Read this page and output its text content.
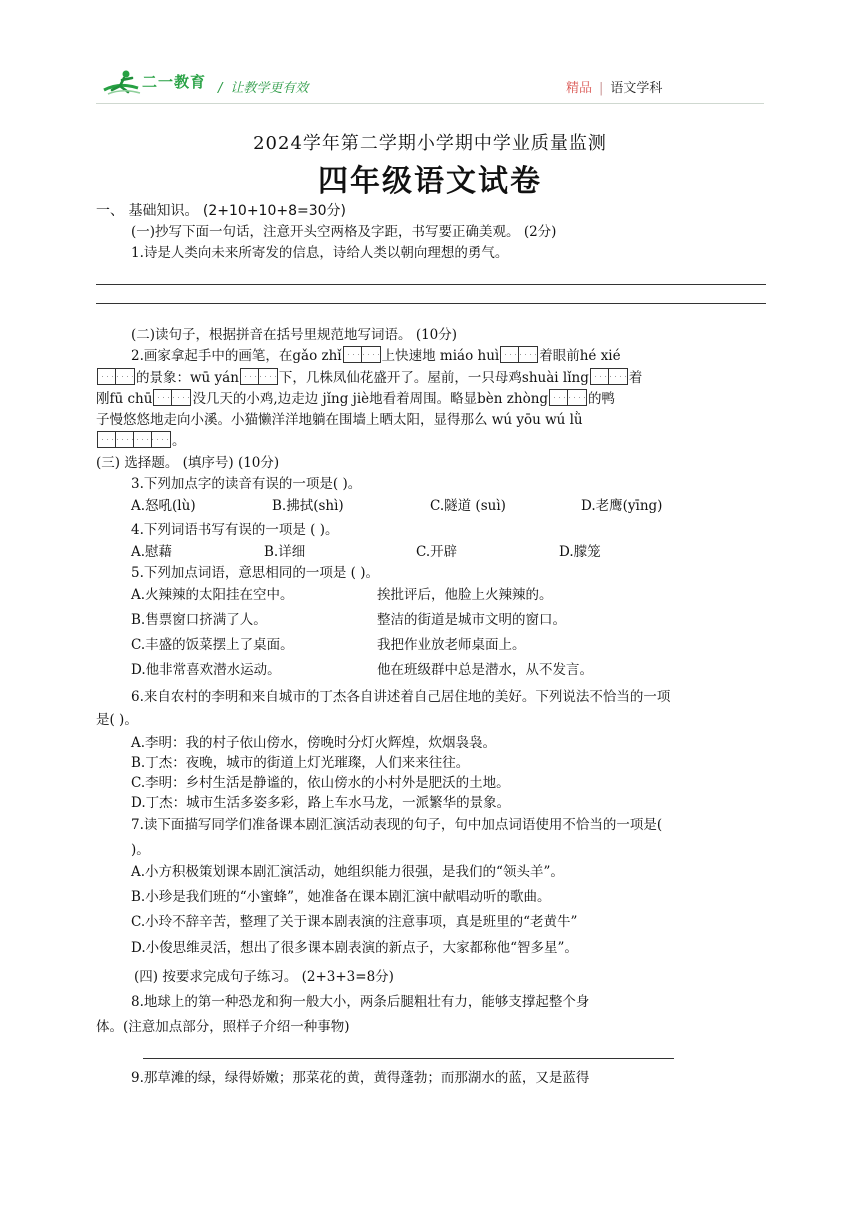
二一教育 / 让教学更有效	精品 | 语文学科
2024学年第二学期小学期中学业质量监测
四年级语文试卷
一、 基础知识。 (2+10+10+8=30分)
(一)抄写下面一句话，注意开头空两格及字距，书写要正确美观。 (2分)
1.诗是人类向未来所寄发的信息，诗给人类以朝向理想的勇气。
(二)读句子，根据拼音在括号里规范地写词语。 (10分)
2.画家拿起手中的画笔，在gǎo zhǐ	上快速地 miáo huì	着眼前hé xié
的景象：wū yán	下，几株凤仙花盛开了。屋前，一只母鸡shuài lǐng	着
刚fū chū	没几天的小鸡,边走边 jǐng jiè地看着周围。略显bèn zhòng	的鸭
子慢悠悠地走向小溪。小猫懒洋洋地躺在围墙上晒太阳，显得那么 wú yōu wú lǜ
。
(三) 选择题。 (填序号) (10分)
3.下列加点字的读音有误的一项是( )。
A.怒吼(lù)	B.拂拭(shì)	C.隧道 (suì)	D.老鹰(yīng)
4.下列词语书写有误的一项是 ( )。
A.慰藉	B.详细	C.开辟	D.朦笼
5.下列加点词语，意思相同的一项是 ( )。
A.火辣辣的太阳挂在空中。	挨批评后，他脸上火辣辣的。
B.售票窗口挤满了人。	整洁的街道是城市文明的窗口。
C.丰盛的饭菜摆上了桌面。	我把作业放老师桌面上。
D.他非常喜欢潜水运动。	他在班级群中总是潜水，从不发言。
6.来自农村的李明和来自城市的丁杰各自讲述着自己居住地的美好。下列说法不恰当的一项
是( )。
A.李明：我的村子依山傍水，傍晚时分灯火辉煌，炊烟袅袅。
B.丁杰：夜晚，城市的街道上灯光璀璨，人们来来往往。
C.李明：乡村生活是静谧的，依山傍水的小村外是肥沃的土地。
D.丁杰：城市生活多姿多彩，路上车水马龙，一派繁华的景象。
7.读下面描写同学们准备课本剧汇演活动表现的句子，句中加点词语使用不恰当的一项是(
)。
A.小方积极策划课本剧汇演活动，她组织能力很强，是我们的“领头羊”。
B.小珍是我们班的“小蜜蜂”，她准备在课本剧汇演中献唱动听的歌曲。
C.小玲不辞辛苦，整理了关于课本剧表演的注意事项，真是班里的“老黄牛”
D.小俊思维灵活，想出了很多课本剧表演的新点子，大家都称他“智多星”。
(四) 按要求完成句子练习。 (2+3+3=8分)
8.地球上的第一种恐龙和狗一般大小，两条后腿粗壮有力，能够支撑起整个身
体。(注意加点部分，照样子介绍一种事物)
9.那草滩的绿，绿得娇嫩；那菜花的黄，黄得蓬勃；而那湖水的蓝，又是蓝得
